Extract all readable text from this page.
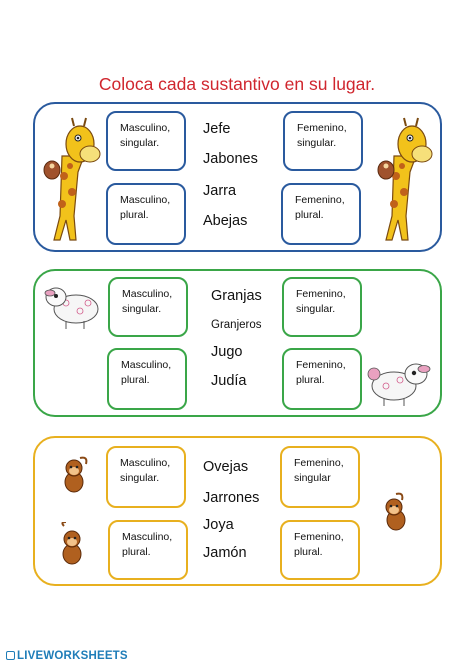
Coloca cada sustantivo en su lugar.
Masculino, singular.
Masculino, plural.
Femenino, singular.
Femenino, plural.
Jefe
Jabones
Jarra
Abejas
Masculino, singular.
Masculino, plural.
Femenino, singular.
Femenino, plural.
Granjas
Granjeros
Jugo
Judía
Masculino, singular.
Masculino, plural.
Femenino, singular
Femenino, plural.
Ovejas
Jarrones
Joya
Jamón
LIVEWORKSHEETS
